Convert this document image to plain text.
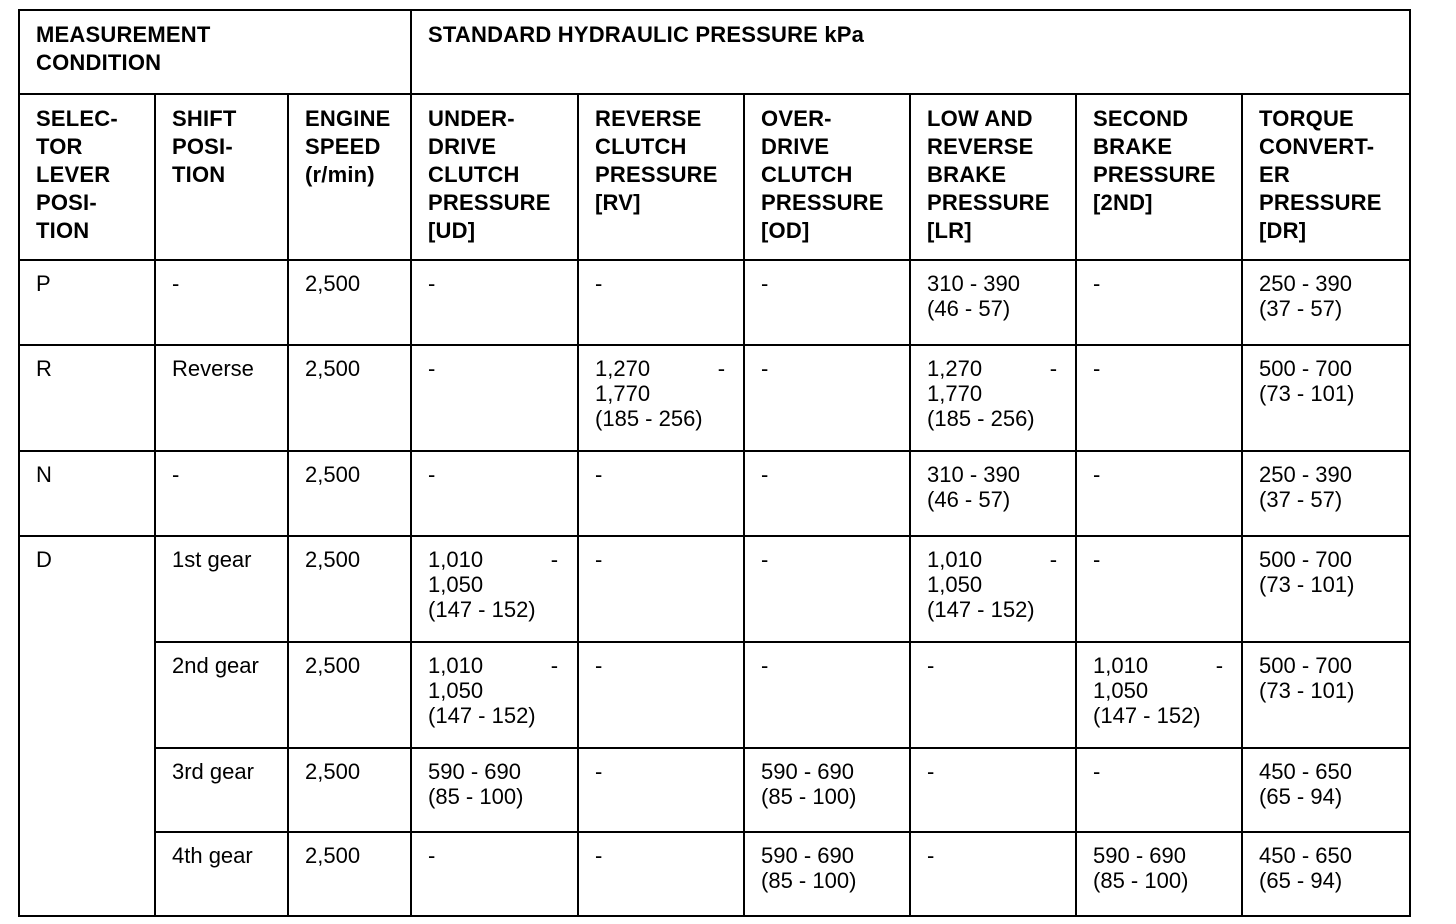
MEASUREMENT
CONDITION			STANDARD HYDRAULIC PRESSURE kPa					

SELEC-
TOR
LEVER
POSI-
TION	SHIFT
POSI-
TION	ENGINE
SPEED
(r/min)	UNDER-
DRIVE
CLUTCH
PRESSURE
[UD]	REVERSE
CLUTCH
PRESSURE
[RV]	OVER-
DRIVE
CLUTCH
PRESSURE
[OD]	LOW AND
REVERSE
BRAKE
PRESSURE
[LR]	SECOND
BRAKE
PRESSURE
[2ND]	TORQUE
CONVERT-
ER
PRESSURE
[DR]

P	-	2,500	-	-	-	310 - 390
(46 - 57)	-	250 - 390
(37 - 57)

R	Reverse	2,500	-	1,270 -
1,770
(185 - 256)	-	1,270 -
1,770
(185 - 256)	-	500 - 700
(73 - 101)

N	-	2,500	-	-	-	310 - 390
(46 - 57)	-	250 - 390
(37 - 57)

D	1st gear	2,500	1,010 -
1,050
(147 - 152)	-	-	1,010 -
1,050
(147 - 152)	-	500 - 700
(73 - 101)

	2nd gear	2,500	1,010 -
1,050
(147 - 152)	-	-	-	1,010 -
1,050
(147 - 152)	500 - 700
(73 - 101)

	3rd gear	2,500	590 - 690
(85 - 100)	-	590 - 690
(85 - 100)	-	-	450 - 650
(65 - 94)

	4th gear	2,500	-	-	590 - 690
(85 - 100)	-	590 - 690
(85 - 100)	450 - 650
(65 - 94)
